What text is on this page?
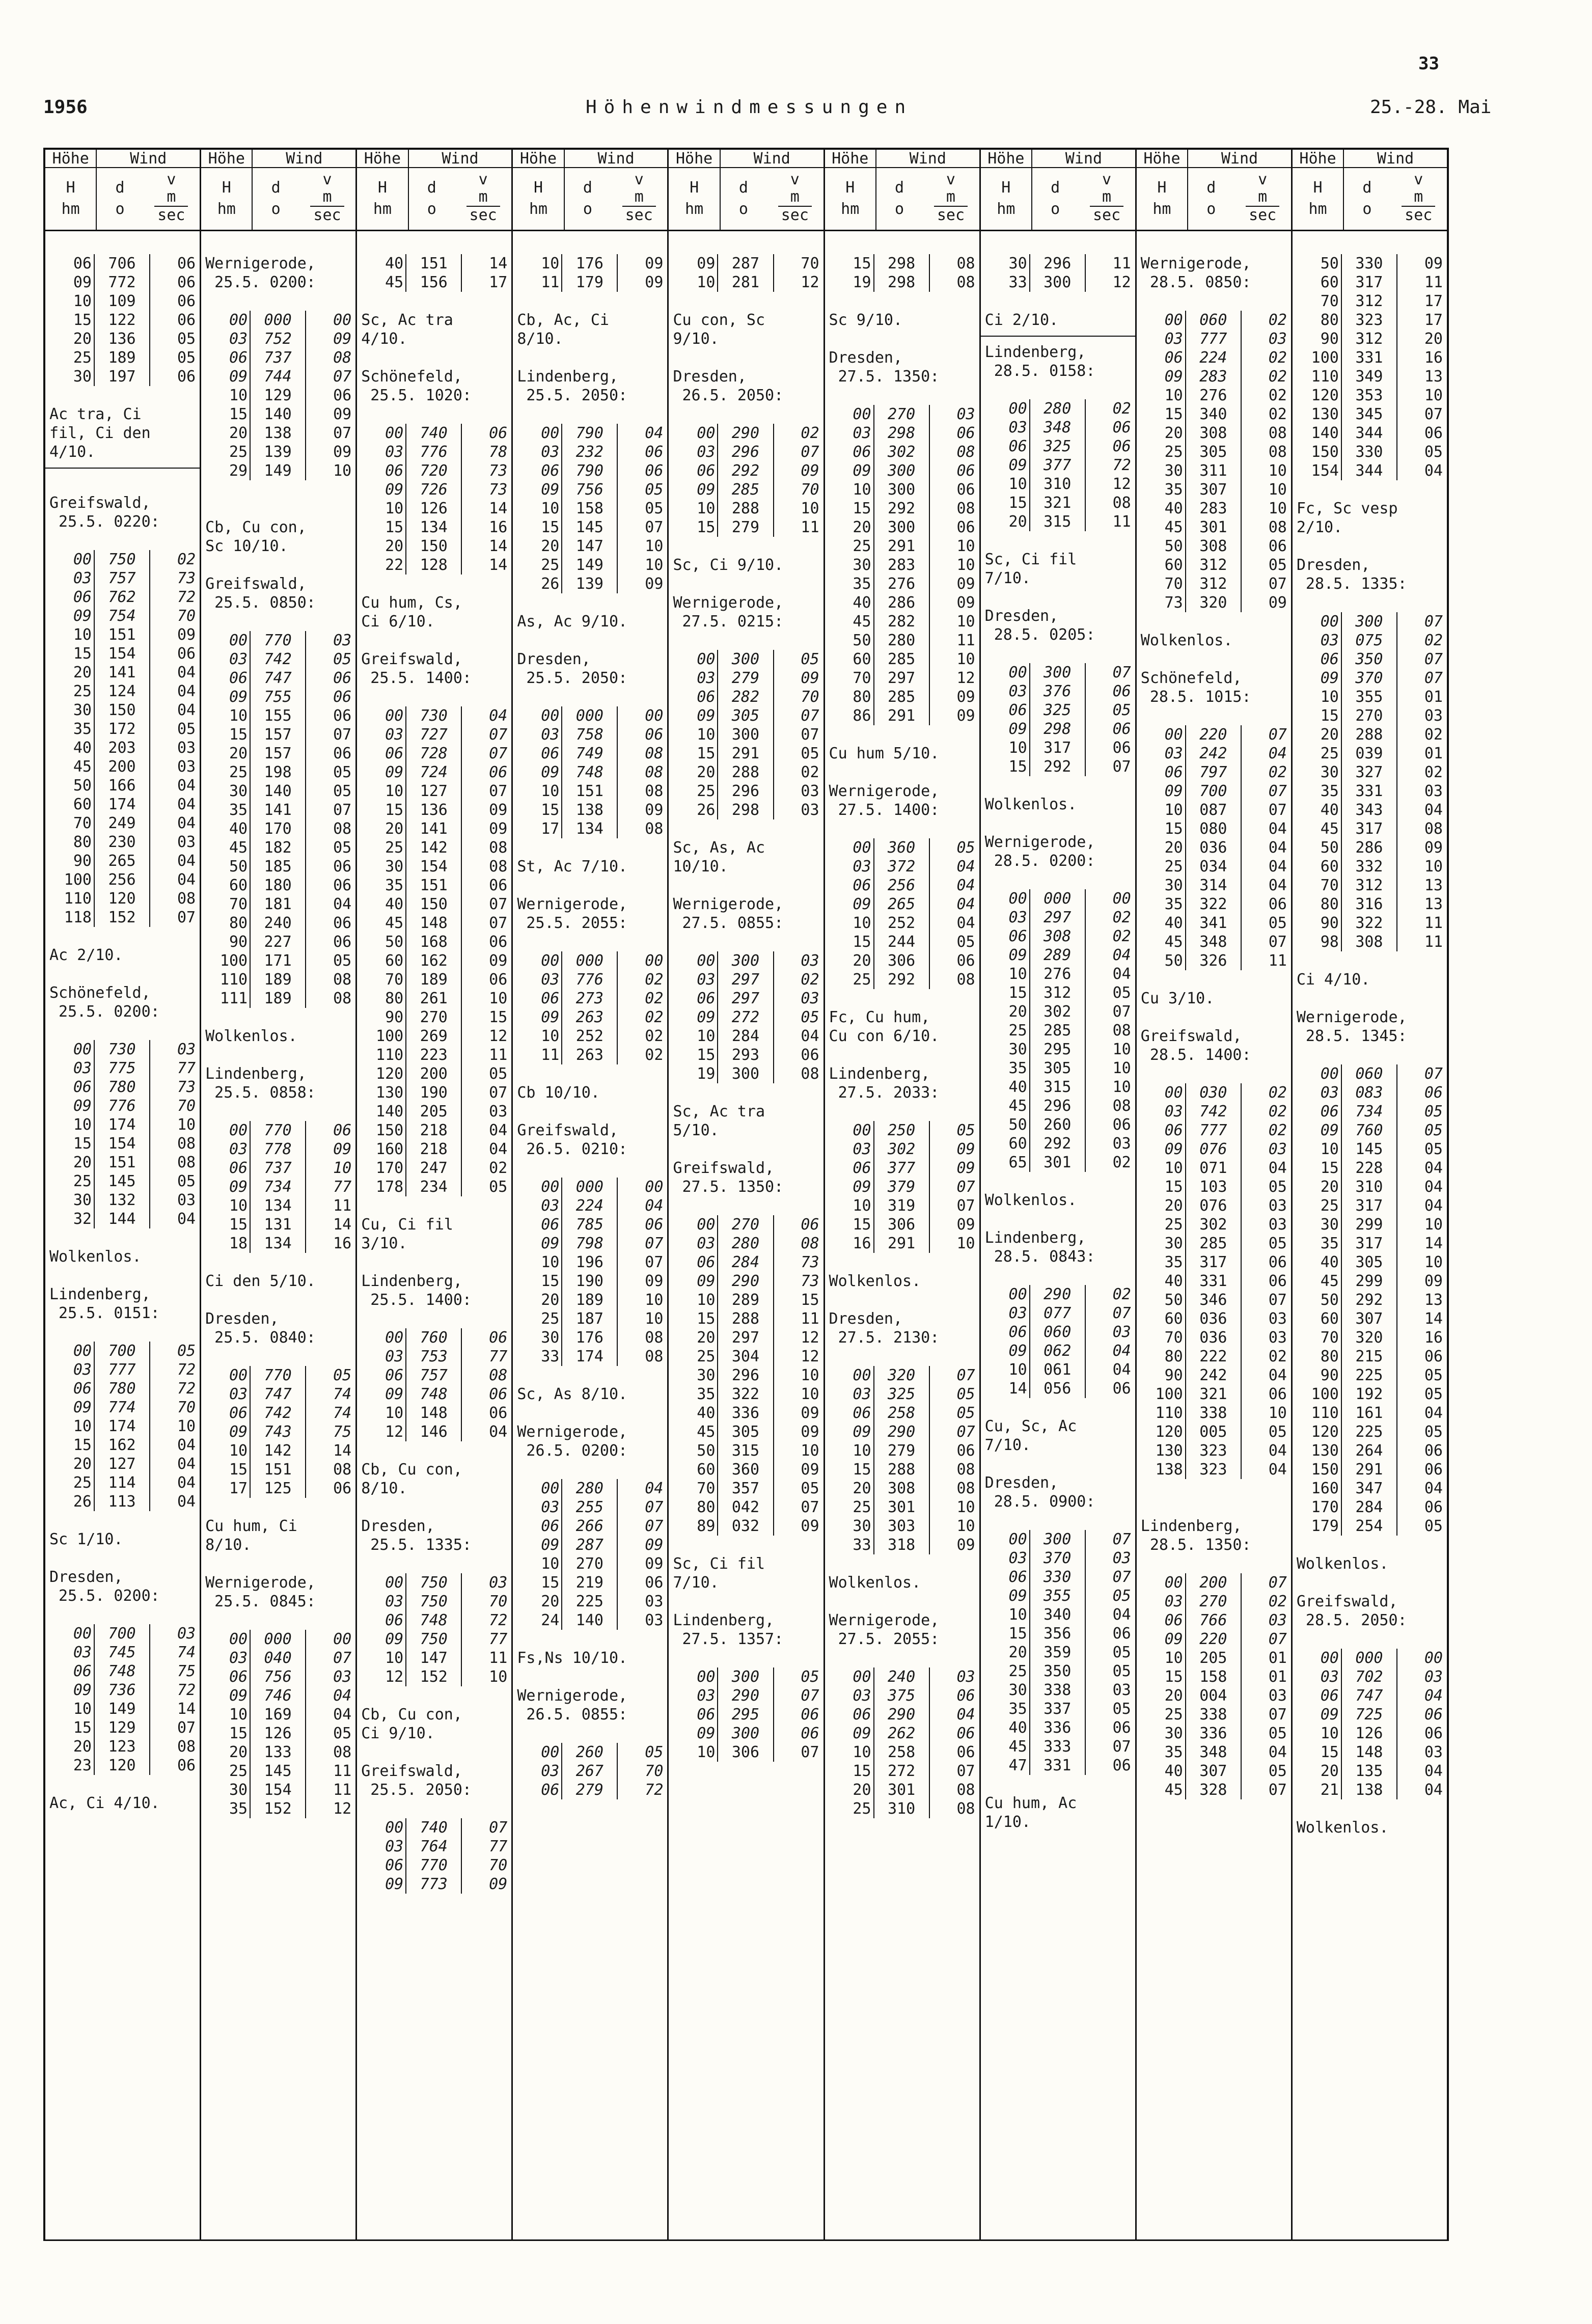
33
1956	Höhenwindmessungen	25.-28. Mai
Höhe	Wind
H
hm
d
o
v
m
sec
06	706	06
09	772	06
10	109	06
15	122	06
20	136	05
25	189	05
30	197	06
Ac tra, Ci
fil, Ci den
4/10.
Greifswald,
25.5. 0220:
00	750	02
03	757	73
06	762	72
09	754	70
10	151	09
15	154	06
20	141	04
25	124	04
30	150	04
35	172	05
40	203	03
45	200	03
50	166	04
60	174	04
70	249	04
80	230	03
90	265	04
100	256	04
110	120	08
118	152	07
Ac 2/10.
Schönefeld,
25.5. 0200:
00	730	03
03	775	77
06	780	73
09	776	70
10	174	10
15	154	08
20	151	08
25	145	05
30	132	03
32	144	04
Wolkenlos.
Lindenberg,
25.5. 0151:
00	700	05
03	777	72
06	780	72
09	774	70
10	174	10
15	162	04
20	127	04
25	114	04
26	113	04
Sc 1/10.
Dresden,
25.5. 0200:
00	700	03
03	745	74
06	748	75
09	736	72
10	149	14
15	129	07
20	123	08
23	120	06
Ac, Ci 4/10.
Höhe	Wind
H
hm
d
o
v
m
sec
Wernigerode,
25.5. 0200:
00	000	00
03	752	09
06	737	08
09	744	07
10	129	06
15	140	09
20	138	07
25	139	09
29	149	10
Cb, Cu con,
Sc 10/10.
Greifswald,
25.5. 0850:
00	770	03
03	742	05
06	747	06
09	755	06
10	155	06
15	157	07
20	157	06
25	198	05
30	140	05
35	141	07
40	170	08
45	182	05
50	185	06
60	180	06
70	181	04
80	240	06
90	227	06
100	171	05
110	189	08
111	189	08
Wolkenlos.
Lindenberg,
25.5. 0858:
00	770	06
03	778	09
06	737	10
09	734	77
10	134	11
15	131	14
18	134	16
Ci den 5/10.
Dresden,
25.5. 0840:
00	770	05
03	747	74
06	742	74
09	743	75
10	142	14
15	151	08
17	125	06
Cu hum, Ci
8/10.
Wernigerode,
25.5. 0845:
00	000	00
03	040	07
06	756	03
09	746	04
10	169	04
15	126	05
20	133	08
25	145	11
30	154	11
35	152	12
Höhe	Wind
H
hm
d
o
v
m
sec
40	151	14
45	156	17
Sc, Ac tra
4/10.
Schönefeld,
25.5. 1020:
00	740	06
03	776	78
06	720	73
09	726	73
10	126	14
15	134	16
20	150	14
22	128	14
Cu hum, Cs,
Ci 6/10.
Greifswald,
25.5. 1400:
00	730	04
03	727	07
06	728	07
09	724	06
10	127	07
15	136	09
20	141	09
25	142	08
30	154	08
35	151	06
40	150	07
45	148	07
50	168	06
60	162	09
70	189	06
80	261	10
90	270	15
100	269	12
110	223	11
120	200	05
130	190	07
140	205	03
150	218	04
160	218	04
170	247	02
178	234	05
Cu, Ci fil
3/10.
Lindenberg,
25.5. 1400:
00	760	06
03	753	77
06	757	08
09	748	06
10	148	06
12	146	04
Cb, Cu con,
8/10.
Dresden,
25.5. 1335:
00	750	03
03	750	70
06	748	72
09	750	77
10	147	11
12	152	10
Cb, Cu con,
Ci 9/10.
Greifswald,
25.5. 2050:
00	740	07
03	764	77
06	770	70
09	773	09
Höhe	Wind
H
hm
d
o
v
m
sec
10	176	09
11	179	09
Cb, Ac, Ci
8/10.
Lindenberg,
25.5. 2050:
00	790	04
03	232	06
06	790	06
09	756	05
10	158	05
15	145	07
20	147	10
25	149	10
26	139	09
As, Ac 9/10.
Dresden,
25.5. 2050:
00	000	00
03	758	06
06	749	08
09	748	08
10	151	08
15	138	09
17	134	08
St, Ac 7/10.
Wernigerode,
25.5. 2055:
00	000	00
03	776	02
06	273	02
09	263	02
10	252	02
11	263	02
Cb 10/10.
Greifswald,
26.5. 0210:
00	000	00
03	224	04
06	785	06
09	798	07
10	196	07
15	190	09
20	189	10
25	187	10
30	176	08
33	174	08
Sc, As 8/10.
Wernigerode,
26.5. 0200:
00	280	04
03	255	07
06	266	07
09	287	09
10	270	09
15	219	06
20	225	03
24	140	03
Fs,Ns 10/10.
Wernigerode,
26.5. 0855:
00	260	05
03	267	70
06	279	72
Höhe	Wind
H
hm
d
o
v
m
sec
09	287	70
10	281	12
Cu con, Sc
9/10.
Dresden,
26.5. 2050:
00	290	02
03	296	07
06	292	09
09	285	70
10	288	10
15	279	11
Sc, Ci 9/10.
Wernigerode,
27.5. 0215:
00	300	05
03	279	09
06	282	70
09	305	07
10	300	07
15	291	05
20	288	02
25	296	03
26	298	03
Sc, As, Ac
10/10.
Wernigerode,
27.5. 0855:
00	300	03
03	297	02
06	297	03
09	272	05
10	284	04
15	293	06
19	300	08
Sc, Ac tra
5/10.
Greifswald,
27.5. 1350:
00	270	06
03	280	08
06	284	73
09	290	73
10	289	15
15	288	11
20	297	12
25	304	12
30	296	10
35	322	10
40	336	09
45	305	09
50	315	10
60	360	09
70	357	05
80	042	07
89	032	09
Sc, Ci fil
7/10.
Lindenberg,
27.5. 1357:
00	300	05
03	290	07
06	295	06
09	300	06
10	306	07
Höhe	Wind
H
hm
d
o
v
m
sec
15	298	08
19	298	08
Sc 9/10.
Dresden,
27.5. 1350:
00	270	03
03	298	06
06	302	08
09	300	06
10	300	06
15	292	08
20	300	06
25	291	10
30	283	10
35	276	09
40	286	09
45	282	10
50	280	11
60	285	10
70	297	12
80	285	09
86	291	09
Cu hum 5/10.
Wernigerode,
27.5. 1400:
00	360	05
03	372	04
06	256	04
09	265	04
10	252	04
15	244	05
20	306	06
25	292	08
Fc, Cu hum,
Cu con 6/10.
Lindenberg,
27.5. 2033:
00	250	05
03	302	09
06	377	09
09	379	07
10	319	07
15	306	09
16	291	10
Wolkenlos.
Dresden,
27.5. 2130:
00	320	07
03	325	05
06	258	05
09	290	07
10	279	06
15	288	08
20	308	08
25	301	10
30	303	10
33	318	09
Wolkenlos.
Wernigerode,
27.5. 2055:
00	240	03
03	375	06
06	290	04
09	262	06
10	258	06
15	272	07
20	301	08
25	310	08
Höhe	Wind
H
hm
d
o
v
m
sec
30	296	11
33	300	12
Ci 2/10.
Lindenberg,
28.5. 0158:
00	280	02
03	348	06
06	325	06
09	377	72
10	310	12
15	321	08
20	315	11
Sc, Ci fil
7/10.
Dresden,
28.5. 0205:
00	300	07
03	376	06
06	325	05
09	298	06
10	317	06
15	292	07
Wolkenlos.
Wernigerode,
28.5. 0200:
00	000	00
03	297	02
06	308	02
09	289	04
10	276	04
15	312	05
20	302	07
25	285	08
30	295	10
35	305	10
40	315	10
45	296	08
50	260	06
60	292	03
65	301	02
Wolkenlos.
Lindenberg,
28.5. 0843:
00	290	02
03	077	07
06	060	03
09	062	04
10	061	04
14	056	06
Cu, Sc, Ac
7/10.
Dresden,
28.5. 0900:
00	300	07
03	370	03
06	330	07
09	355	05
10	340	04
15	356	06
20	359	05
25	350	05
30	338	03
35	337	05
40	336	06
45	333	07
47	331	06
Cu hum, Ac
1/10.
Höhe	Wind
H
hm
d
o
v
m
sec
Wernigerode,
28.5. 0850:
00	060	02
03	777	03
06	224	02
09	283	02
10	276	02
15	340	02
20	308	08
25	305	08
30	311	10
35	307	10
40	283	10
45	301	08
50	308	06
60	312	05
70	312	07
73	320	09
Wolkenlos.
Schönefeld,
28.5. 1015:
00	220	07
03	242	04
06	797	02
09	700	07
10	087	07
15	080	04
20	036	04
25	034	04
30	314	04
35	322	06
40	341	05
45	348	07
50	326	11
Cu 3/10.
Greifswald,
28.5. 1400:
00	030	02
03	742	02
06	777	02
09	076	03
10	071	04
15	103	05
20	076	03
25	302	03
30	285	05
35	317	06
40	331	06
50	346	07
60	036	03
70	036	03
80	222	02
90	242	04
100	321	06
110	338	10
120	005	05
130	323	04
138	323	04
Lindenberg,
28.5. 1350:
00	200	07
03	270	02
06	766	03
09	220	07
10	205	01
15	158	01
20	004	03
25	338	07
30	336	05
35	348	04
40	307	05
45	328	07
Höhe	Wind
H
hm
d
o
v
m
sec
50	330	09
60	317	11
70	312	17
80	323	17
90	312	20
100	331	16
110	349	13
120	353	10
130	345	07
140	344	06
150	330	05
154	344	04
Fc, Sc vesp
2/10.
Dresden,
28.5. 1335:
00	300	07
03	075	02
06	350	07
09	370	07
10	355	01
15	270	03
20	288	02
25	039	01
30	327	02
35	331	03
40	343	04
45	317	08
50	286	09
60	332	10
70	312	13
80	316	13
90	322	11
98	308	11
Ci 4/10.
Wernigerode,
28.5. 1345:
00	060	07
03	083	06
06	734	05
09	760	05
10	145	05
15	228	04
20	310	04
25	317	04
30	299	10
35	317	14
40	305	10
45	299	09
50	292	13
60	307	14
70	320	16
80	215	06
90	225	05
100	192	05
110	161	04
120	225	05
130	264	06
150	291	06
160	347	04
170	284	06
179	254	05
Wolkenlos.
Greifswald,
28.5. 2050:
00	000	00
03	702	03
06	747	04
09	725	06
10	126	06
15	148	03
20	135	04
21	138	04
Wolkenlos.
